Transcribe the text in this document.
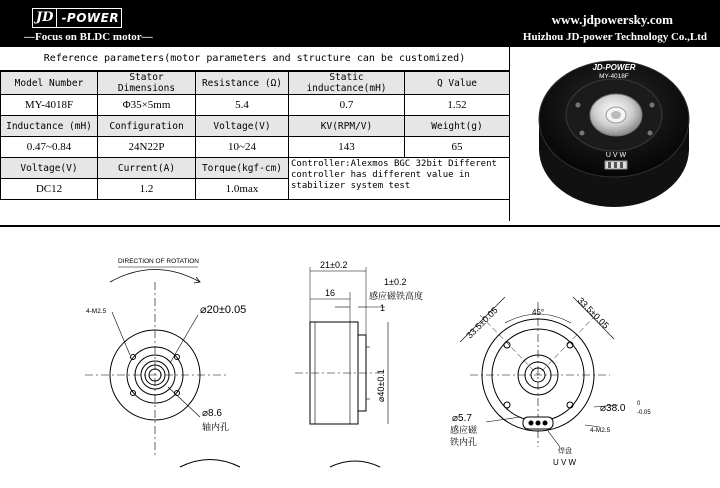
JD -POWER
—Focus on BLDC motor—
www.jdpowersky.com
Huizhou JD-power Technology Co.,Ltd
Reference parameters(motor parameters and structure can be customized)
Model Number	Stator Dimensions	Resistance (Ω)	Static inductance(mH)	Q Value
MY-4018F	Φ35×5mm	5.4	0.7	1.52
Inductance (mH)	Configuration	Voltage(V)	KV(RPM/V)	Weight(g)
0.47~0.84	24N22P	10~24	143	65
Voltage(V)	Current(A)	Torque(kgf-cm)	Controller:Alexmos BGC 32bit Different controller has different value in stabilizer system test	
DC12	1.2	1.0max		
JD-POWER
MY-4018F
U V W
DIRECTION OF ROTATION
4-M2.5	⌀20±0.05
⌀8.6
轴内孔
21±0.2
16
1±0.2
感应磁铁高度
1
⌀40±0.1
33.5±0.05	45°	33.5±0.05
⌀5.7
感应磁
铁内孔
⌀38.0 0
-0.05
4-M2.5
焊盘
U V W
